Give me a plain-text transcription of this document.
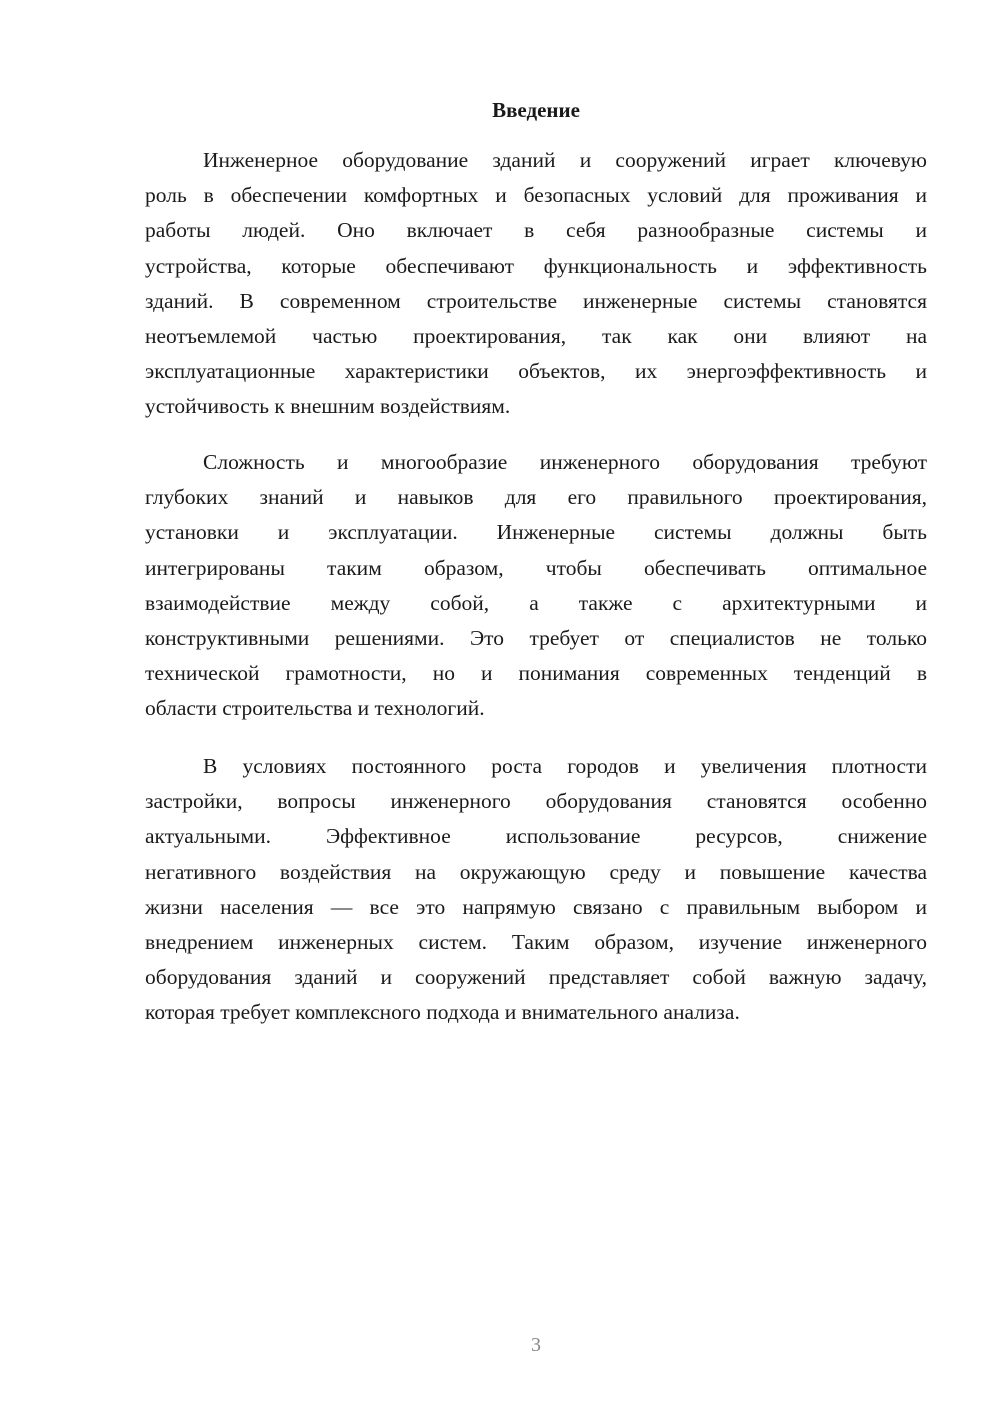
Введение
Инженерное оборудование зданий и сооружений играет ключевую
роль в обеспечении комфортных и безопасных условий для проживания и
работы людей. Оно включает в себя разнообразные системы и
устройства, которые обеспечивают функциональность и эффективность
зданий. В современном строительстве инженерные системы становятся
неотъемлемой частью проектирования, так как они влияют на
эксплуатационные характеристики объектов, их энергоэффективность и
устойчивость к внешним воздействиям.
Сложность и многообразие инженерного оборудования требуют
глубоких знаний и навыков для его правильного проектирования,
установки и эксплуатации. Инженерные системы должны быть
интегрированы таким образом, чтобы обеспечивать оптимальное
взаимодействие между собой, а также с архитектурными и
конструктивными решениями. Это требует от специалистов не только
технической грамотности, но и понимания современных тенденций в
области строительства и технологий.
В условиях постоянного роста городов и увеличения плотности
застройки, вопросы инженерного оборудования становятся особенно
актуальными. Эффективное использование ресурсов, снижение
негативного воздействия на окружающую среду и повышение качества
жизни населения — все это напрямую связано с правильным выбором и
внедрением инженерных систем. Таким образом, изучение инженерного
оборудования зданий и сооружений представляет собой важную задачу,
которая требует комплексного подхода и внимательного анализа.
3
